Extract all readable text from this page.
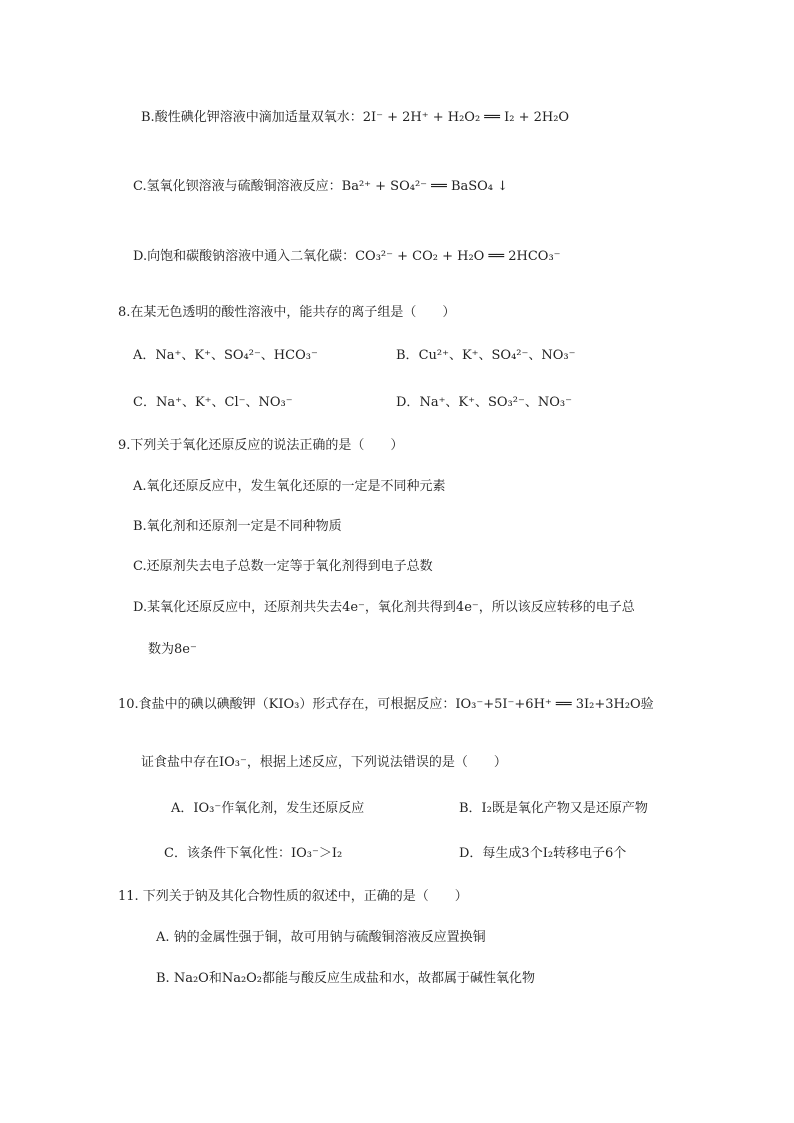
B.酸性碘化钾溶液中滴加适量双氧水：2I⁻ + 2H⁺ + H₂O₂ ══ I₂ + 2H₂O
C.氢氧化钡溶液与硫酸铜溶液反应：Ba²⁺ + SO₄²⁻ ══ BaSO₄ ↓
D.向饱和碳酸钠溶液中通入二氧化碳：CO₃²⁻ + CO₂ + H₂O ══ 2HCO₃⁻
8.在某无色透明的酸性溶液中，能共存的离子组是（　　）
A．Na⁺、K⁺、SO₄²⁻、HCO₃⁻	B．Cu²⁺、K⁺、SO₄²⁻、NO₃⁻
C．Na⁺、K⁺、Cl⁻、NO₃⁻	D．Na⁺、K⁺、SO₃²⁻、NO₃⁻
9.下列关于氧化还原反应的说法正确的是（　　）
A.氧化还原反应中，发生氧化还原的一定是不同种元素
B.氧化剂和还原剂一定是不同种物质
C.还原剂失去电子总数一定等于氧化剂得到电子总数
D.某氧化还原反应中，还原剂共失去4e⁻，氧化剂共得到4e⁻，所以该反应转移的电子总
数为8e⁻
10.食盐中的碘以碘酸钾（KIO₃）形式存在，可根据反应：IO₃⁻+5I⁻+6H⁺ ══ 3I₂+3H₂O验
证食盐中存在IO₃⁻，根据上述反应，下列说法错误的是（　　）
A．IO₃⁻作氧化剂，发生还原反应	B．I₂既是氧化产物又是还原产物
C．该条件下氧化性：IO₃⁻＞I₂	D．每生成3个I₂转移电子6个
11. 下列关于钠及其化合物性质的叙述中，正确的是（　　）
A. 钠的金属性强于铜，故可用钠与硫酸铜溶液反应置换铜
B. Na₂O和Na₂O₂都能与酸反应生成盐和水，故都属于碱性氧化物
